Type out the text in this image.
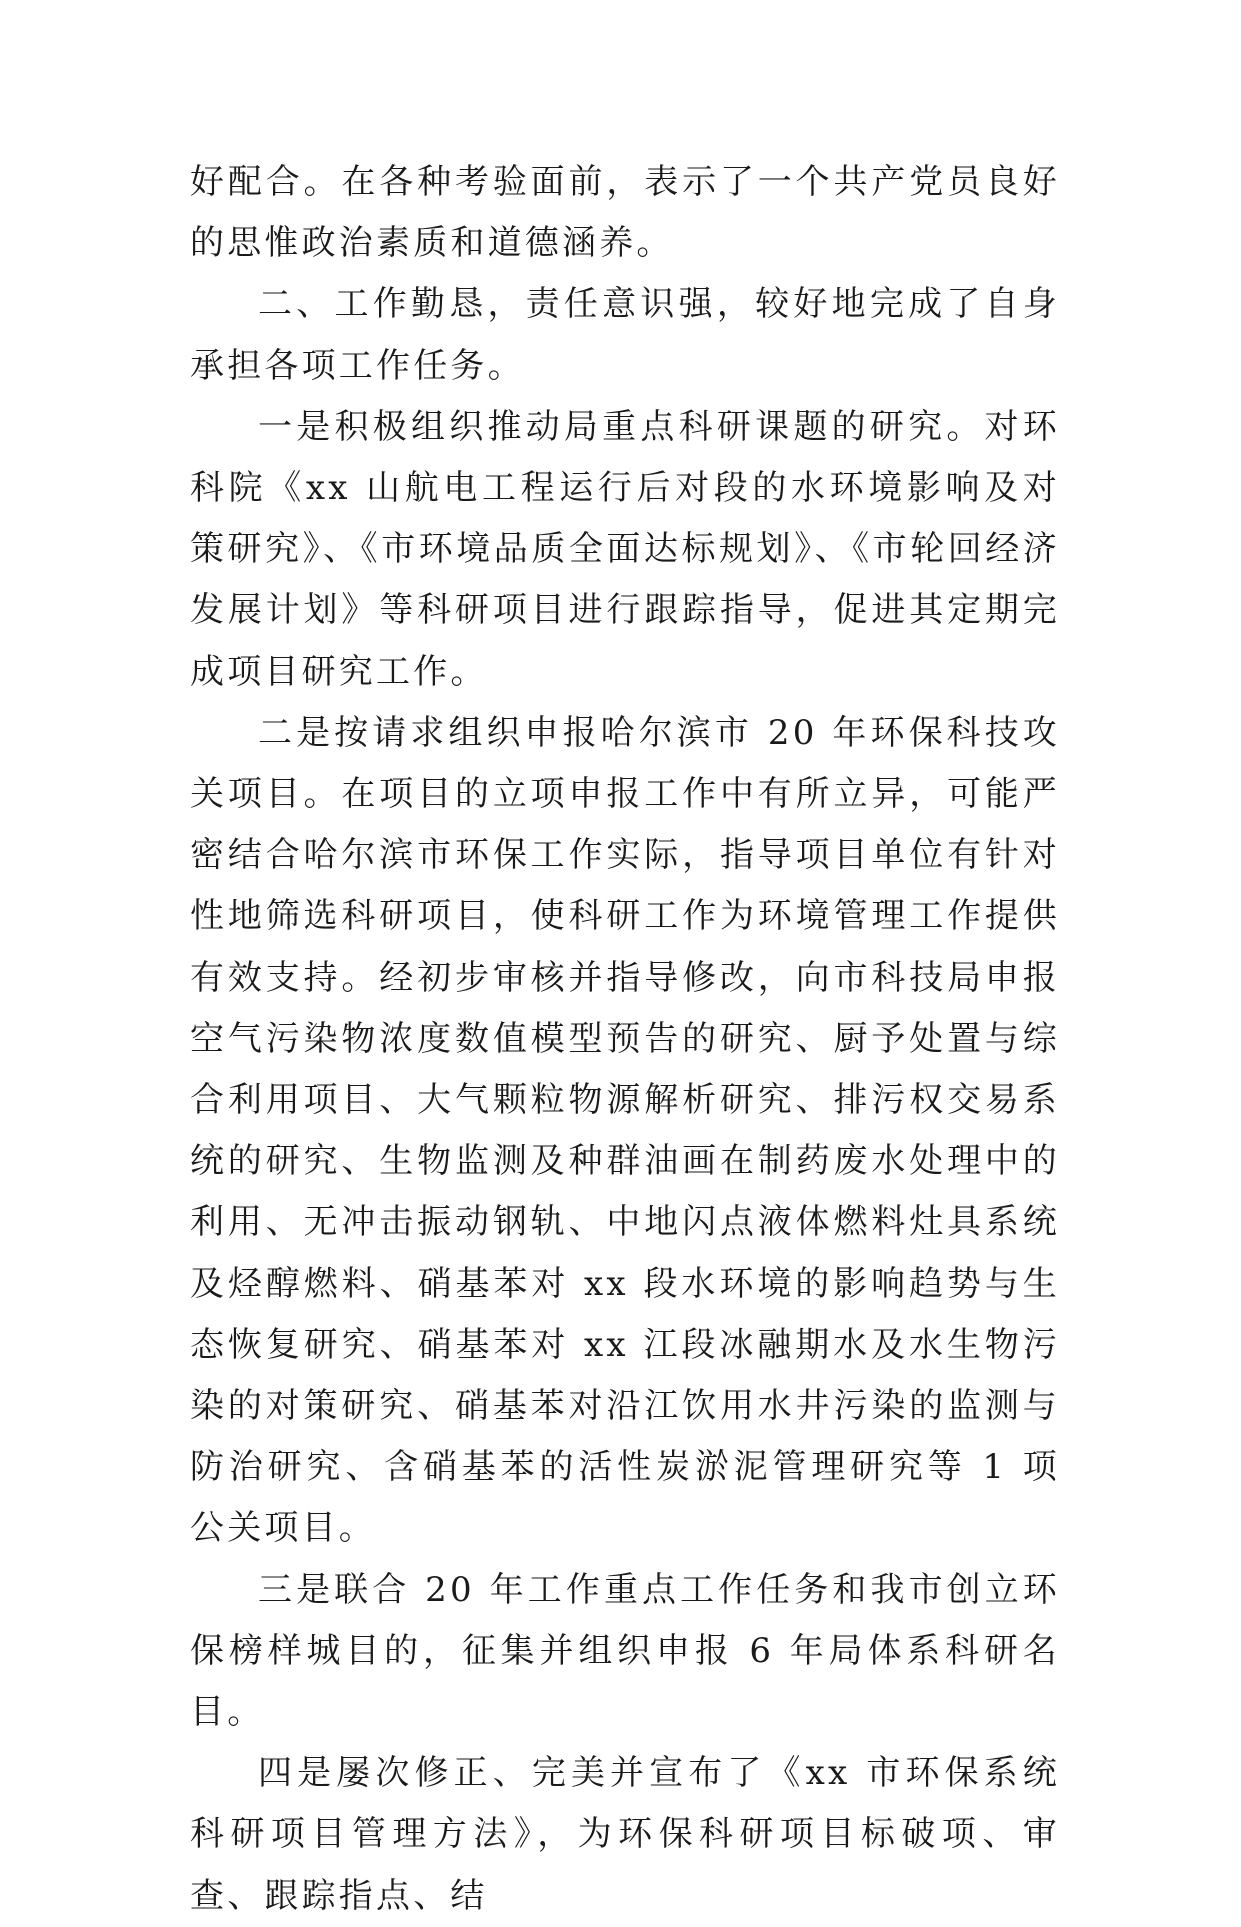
好配合。在各种考验面前，表示了一个共产党员良好的思惟政治素质和道德涵养。

二、工作勤恳，责任意识强，较好地完成了自身承担各项工作任务。

一是积极组织推动局重点科研课题的研究。对环科院《xx 山航电工程运行后对段的水环境影响及对策研究》、《市环境品质全面达标规划》、《市轮回经济发展计划》等科研项目进行跟踪指导，促进其定期完成项目研究工作。

二是按请求组织申报哈尔滨市 20 年环保科技攻关项目。在项目的立项申报工作中有所立异，可能严密结合哈尔滨市环保工作实际，指导项目单位有针对性地筛选科研项目，使科研工作为环境管理工作提供有效支持。经初步审核并指导修改，向市科技局申报空气污染物浓度数值模型预告的研究、厨予处置与综合利用项目、大气颗粒物源解析研究、排污权交易系统的研究、生物监测及种群油画在制药废水处理中的利用、无冲击振动钢轨、中地闪点液体燃料灶具系统及烃醇燃料、硝基苯对 xx 段水环境的影响趋势与生态恢复研究、硝基苯对 xx 江段冰融期水及水生物污染的对策研究、硝基苯对沿江饮用水井污染的监测与防治研究、含硝基苯的活性炭淤泥管理研究等 1 项公关项目。

三是联合 20 年工作重点工作任务和我市创立环保榜样城目的，征集并组织申报 6 年局体系科研名目。

四是屡次修正、完美并宣布了《xx 市环保系统科研项目管理方法》，为环保科研项目标破项、审查、跟踪指点、结
